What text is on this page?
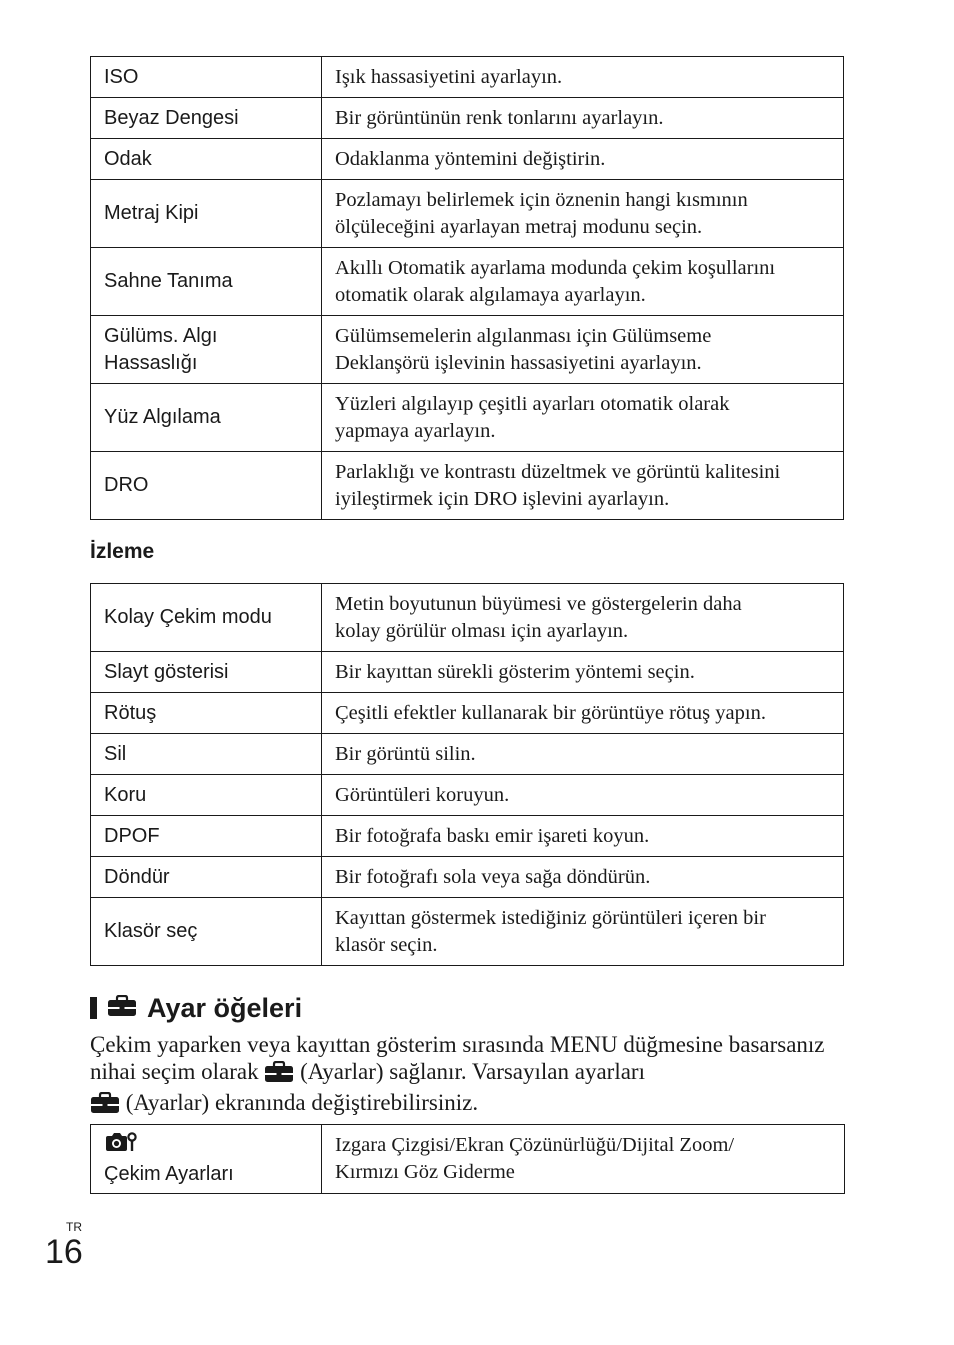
ISO	Işık hassasiyetini ayarlayın.
Beyaz Dengesi	Bir görüntünün renk tonlarını ayarlayın.
Odak	Odaklanma yöntemini değiştirin.
Metraj Kipi	Pozlamayı belirlemek için öznenin hangi kısmının
ölçüleceğini ayarlayan metraj modunu seçin.
Sahne Tanıma	Akıllı Otomatik ayarlama modunda çekim koşullarını
otomatik olarak algılamaya ayarlayın.
Gülüms. Algı
Hassaslığı	Gülümsemelerin algılanması için Gülümseme
Deklanşörü işlevinin hassasiyetini ayarlayın.
Yüz Algılama	Yüzleri algılayıp çeşitli ayarları otomatik olarak
yapmaya ayarlayın.
DRO	Parlaklığı ve kontrastı düzeltmek ve görüntü kalitesini
iyileştirmek için DRO işlevini ayarlayın.
İzleme
Kolay Çekim modu	Metin boyutunun büyümesi ve göstergelerin daha
kolay görülür olması için ayarlayın.
Slayt gösterisi	Bir kayıttan sürekli gösterim yöntemi seçin.
Rötuş	Çeşitli efektler kullanarak bir görüntüye rötuş yapın.
Sil	Bir görüntü silin.
Koru	Görüntüleri koruyun.
DPOF	Bir fotoğrafa baskı emir işareti koyun.
Döndür	Bir fotoğrafı sola veya sağa döndürün.
Klasör seç	Kayıttan göstermek istediğiniz görüntüleri içeren bir
klasör seçin.
Ayar öğeleri

Çekim yaparken veya kayıttan gösterim sırasında MENU düğmesine basarsanız nihai seçim olarak (Ayarlar) sağlanır. Varsayılan ayarları
(Ayarlar) ekranında değiştirebilirsiniz.

Çekim Ayarları	Izgara Çizgisi/Ekran Çözünürlüğü/Dijital Zoom/
Kırmızı Göz Giderme
TR
16
